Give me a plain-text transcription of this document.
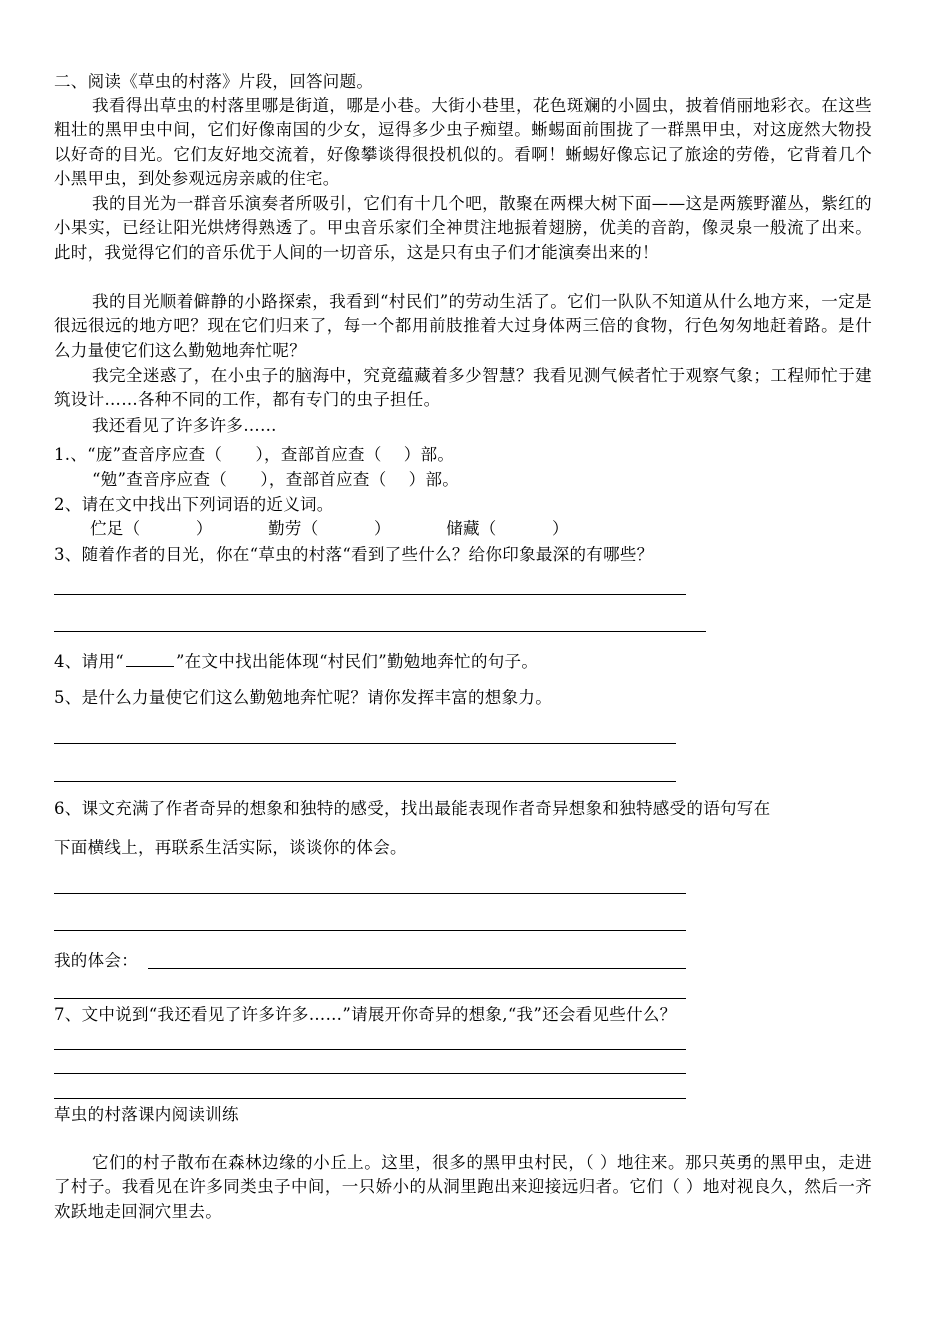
二、阅读《草虫的村落》片段，回答问题。
我看得出草虫的村落里哪是街道，哪是小巷。大街小巷里，花色斑斓的小圆虫，披着俏丽地彩衣。在这些粗壮的黑甲虫中间，它们好像南国的少女，逗得多少虫子痴望。蜥蜴面前围拢了一群黑甲虫，对这庞然大物投以好奇的目光。它们友好地交流着，好像攀谈得很投机似的。看啊！蜥蜴好像忘记了旅途的劳倦，它背着几个小黑甲虫，到处参观远房亲戚的住宅。
我的目光为一群音乐演奏者所吸引，它们有十几个吧，散聚在两棵大树下面——这是两簇野灌丛，紫红的小果实，已经让阳光烘烤得熟透了。甲虫音乐家们全神贯注地振着翅膀，优美的音韵，像灵泉一般流了出来。此时，我觉得它们的音乐优于人间的一切音乐，这是只有虫子们才能演奏出来的！
我的目光顺着僻静的小路探索，我看到“村民们”的劳动生活了。它们一队队不知道从什么地方来，一定是很远很远的地方吧？现在它们归来了，每一个都用前肢推着大过身体两三倍的食物，行色匆匆地赶着路。是什么力量使它们这么勤勉地奔忙呢？
我完全迷惑了，在小虫子的脑海中，究竟蕴藏着多少智慧？我看见测气候者忙于观察气象；工程师忙于建筑设计……各种不同的工作，都有专门的虫子担任。
我还看见了许多许多……
1.、“庞”查音序应查（      ），查部首应查（    ）部。
“勉”查音序应查（      ），查部首应查（    ）部。
2、请在文中找出下列词语的近义词。
伫足（          ）          勤劳（          ）          储藏（          ）
3、随着作者的目光，你在“草虫的村落“看到了些什么？给你印象最深的有哪些？
4、请用“	”在文中找出能体现“村民们”勤勉地奔忙的句子。
5、是什么力量使它们这么勤勉地奔忙呢？请你发挥丰富的想象力。
6、课文充满了作者奇异的想象和独特的感受，找出最能表现作者奇异想象和独特感受的语句写在
下面横线上，再联系生活实际，谈谈你的体会。
我的体会：
7、文中说到“我还看见了许多许多……”请展开你奇异的想象,“我”还会看见些什么？
草虫的村落课内阅读训练
它们的村子散布在森林边缘的小丘上。这里，很多的黑甲虫村民，（ ）地往来。那只英勇的黑甲虫，走进了村子。我看见在许多同类虫子中间，一只娇小的从洞里跑出来迎接远归者。它们（ ）地对视良久，然后一齐欢跃地走回洞穴里去。
